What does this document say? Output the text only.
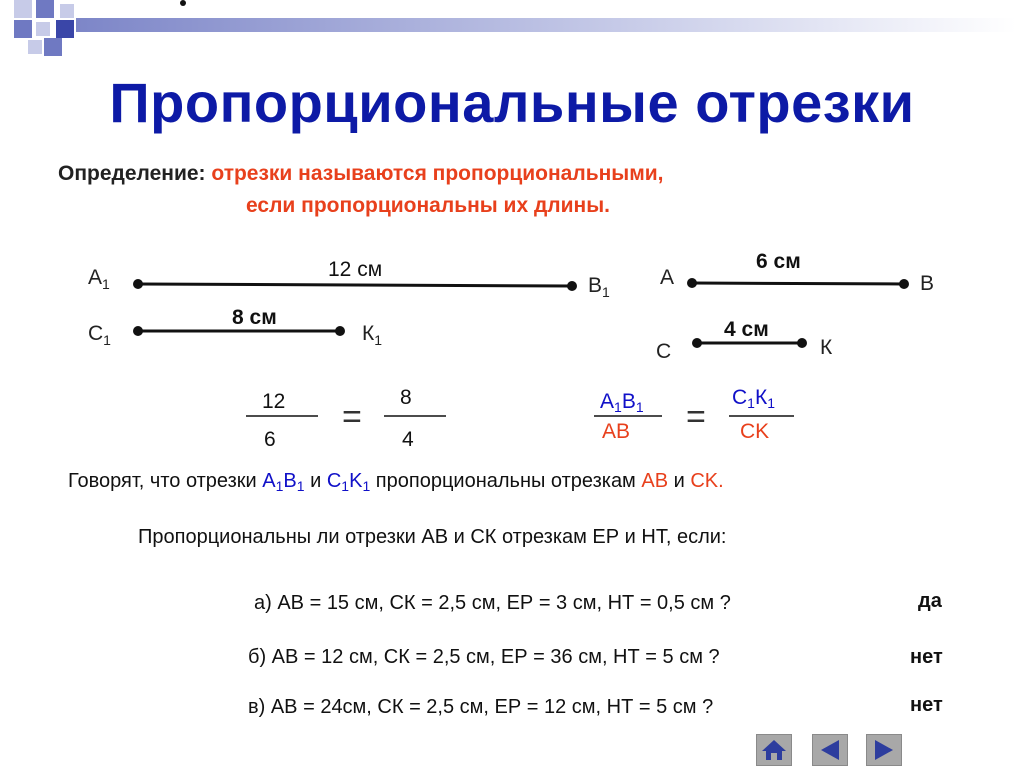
Пропорциональные отрезки
Определение: отрезки называются пропорциональными,
если пропорциональны их длины.
$A_1$	$B_1$
12 см
$C_1$	$К_1$
8 см
A	B
6 см
C	К
4 см
12
6
=
8
4
$A_1B_1$
AB =
$C_1К_1$
CK
Говорят, что отрезки $A_1B_1$ и $C_1K_1$ пропорциональны отрезкам AB и CK.
Пропорциональны ли отрезки АВ и СК отрезкам ЕР и НТ, если:
а) АВ = 15 см, СК = 2,5 см, ЕР = 3 см, НТ = 0,5 см ?	да
б) АВ = 12 см, СК = 2,5 см, ЕР = 36 см, НТ = 5 см ?	нет
в) АВ = 24см, СК = 2,5 см, ЕР = 12 см, НТ = 5 см ?	нет
